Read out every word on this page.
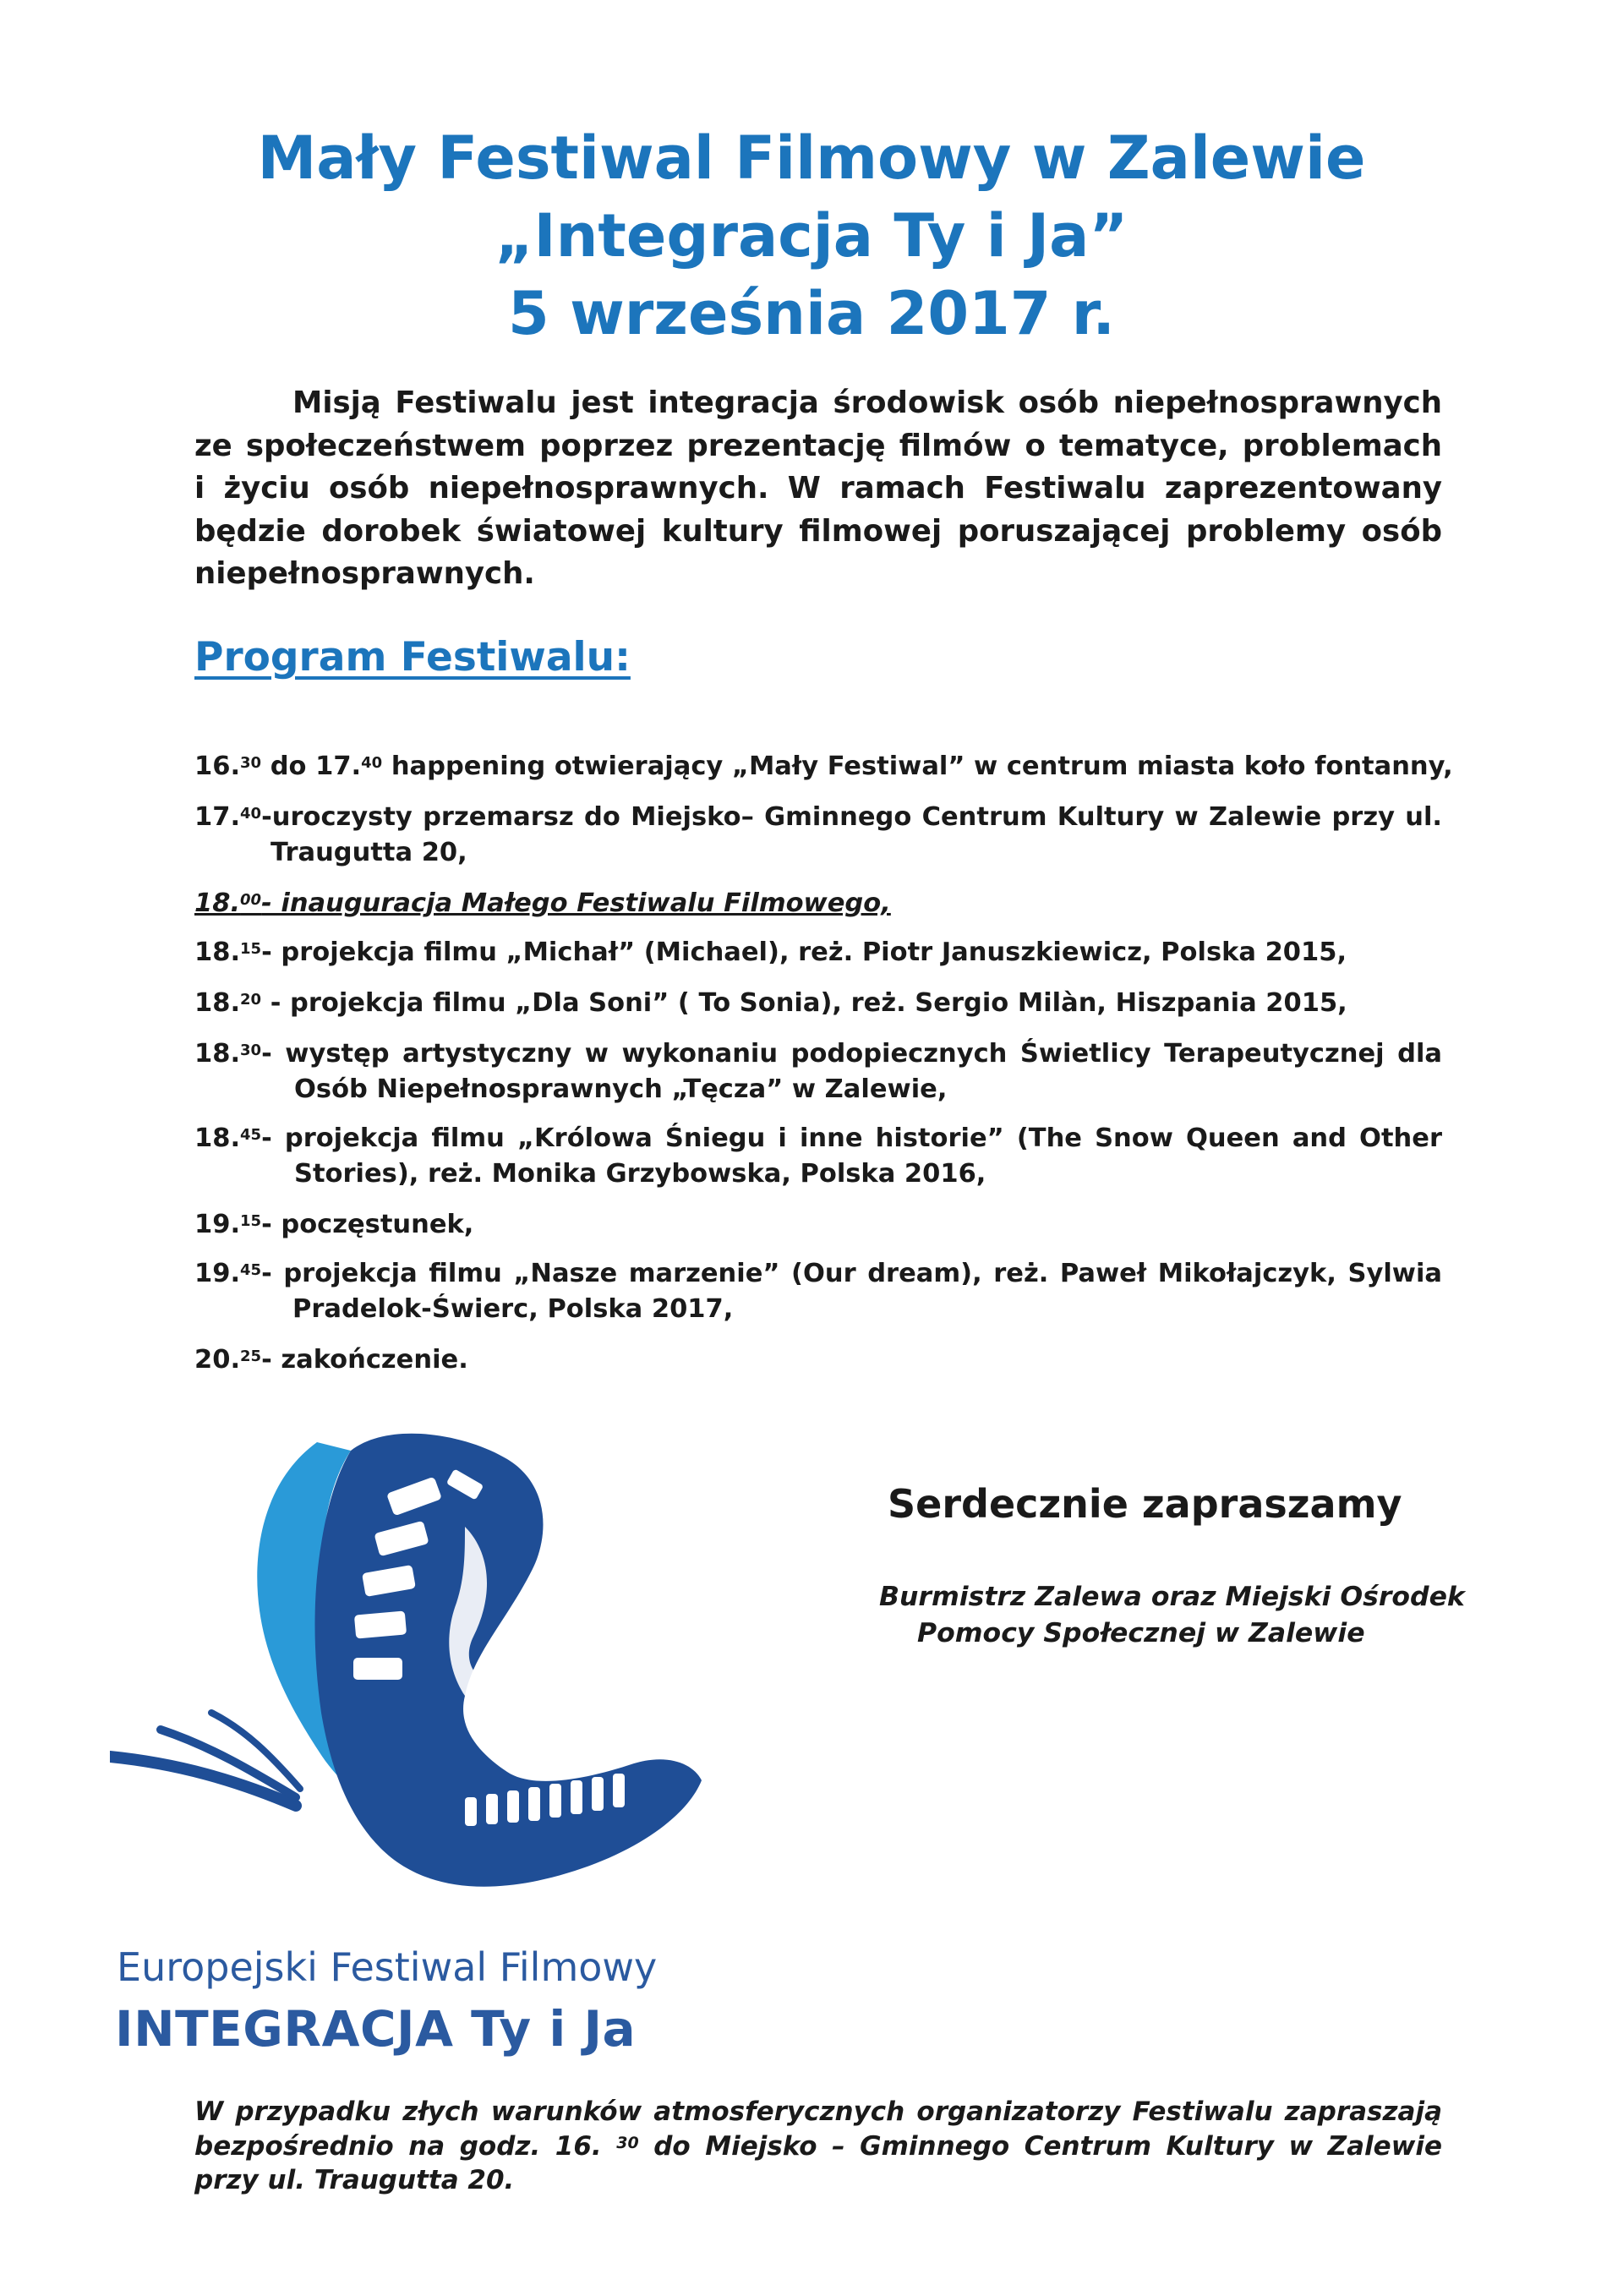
Mały Festiwal Filmowy w Zalewie
„Integracja Ty i Ja”
5 września 2017 r.
Misją Festiwalu jest integracja środowisk osób niepełnosprawnych
ze społeczeństwem poprzez prezentację filmów o tematyce, problemach
i życiu osób niepełnosprawnych. W ramach Festiwalu zaprezentowany
będzie dorobek światowej kultury filmowej poruszającej problemy osób
niepełnosprawnych.
Program Festiwalu:
16.30 do 17.40 happening otwierający „Mały Festiwal” w centrum miasta koło fontanny,
17.40-uroczysty przemarsz do Miejsko– Gminnego Centrum Kultury w Zalewie przy ul.
Traugutta 20,
18.00- inauguracja Małego Festiwalu Filmowego,
18.15- projekcja filmu „Michał” (Michael), reż. Piotr Januszkiewicz, Polska 2015,
18.20 - projekcja filmu „Dla Soni” ( To Sonia), reż. Sergio Milàn, Hiszpania 2015,
18.30- występ artystyczny w wykonaniu podopiecznych Świetlicy Terapeutycznej dla
Osób Niepełnosprawnych „Tęcza” w Zalewie,
18.45- projekcja filmu „Królowa Śniegu i inne historie” (The Snow Queen and Other
Stories), reż. Monika Grzybowska, Polska 2016,
19.15- poczęstunek,
19.45- projekcja filmu „Nasze marzenie” (Our dream), reż. Paweł Mikołajczyk, Sylwia
Pradelok-Świerc, Polska 2017,
20.25- zakończenie.
Serdecznie zapraszamy
Burmistrz Zalewa oraz Miejski Ośrodek
Pomocy Społecznej w Zalewie
Europejski Festiwal Filmowy
INTEGRACJA Ty i Ja
W przypadku złych warunków atmosferycznych organizatorzy Festiwalu zapraszają
bezpośrednio na godz. 16. $^{30}$ do Miejsko – Gminnego Centrum Kultury w Zalewie
przy ul. Traugutta 20.
